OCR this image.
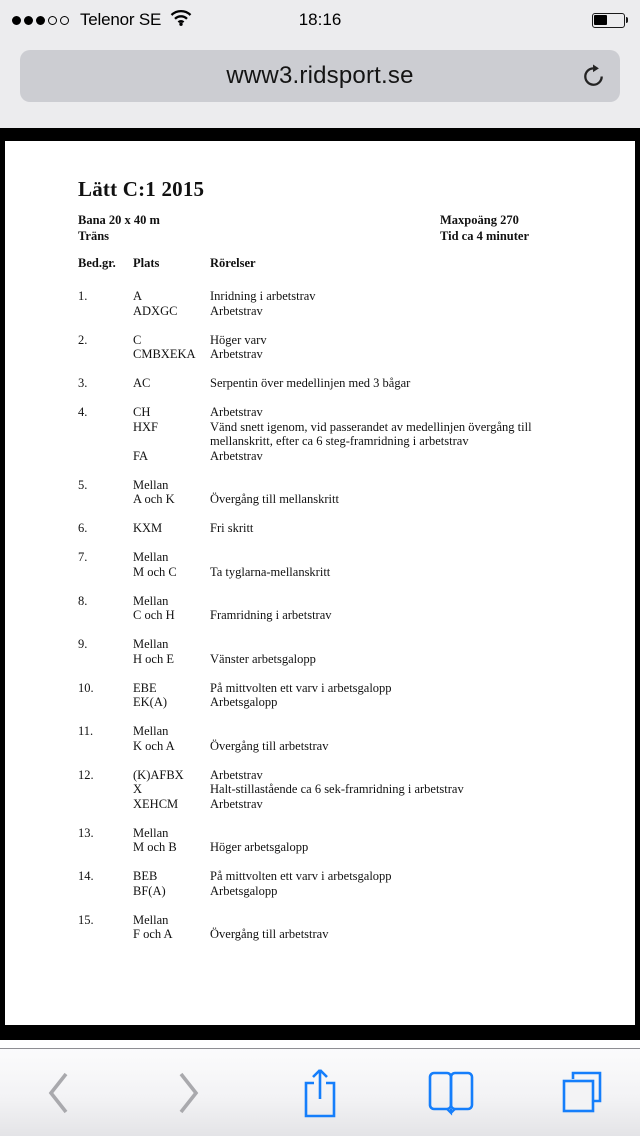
Telenor SE	18:16
www3.ridsport.se
Lätt C:1 2015
Bana 20 x 40 m
Träns
Maxpoäng 270
Tid ca 4 minuter
Bed.gr.	Plats	Rörelser
1.	A	Inridning i arbetstrav
ADXGC	Arbetstrav
2.	C	Höger varv
CMBXEKA	Arbetstrav
3.	AC	Serpentin över medellinjen med 3 bågar
4.	CH	Arbetstrav
HXF	Vänd snett igenom, vid passerandet av medellinjen övergång till mellanskritt, efter ca 6 steg-framridning i arbetstrav
FA	Arbetstrav
5.	Mellan
A och K	Övergång till mellanskritt
6.	KXM	Fri skritt
7.	Mellan
M och C	Ta tyglarna-mellanskritt
8.	Mellan
C och H	Framridning i arbetstrav
9.	Mellan
H och E	Vänster arbetsgalopp
10.	EBE	På mittvolten ett varv i arbetsgalopp
EK(A)	Arbetsgalopp
11.	Mellan
K och A	Övergång till arbetstrav
12.	(K)AFBX	Arbetstrav
X	Halt-stillastående ca 6 sek-framridning i arbetstrav
XEHCM	Arbetstrav
13.	Mellan
M och B	Höger arbetsgalopp
14.	BEB	På mittvolten ett varv i arbetsgalopp
BF(A)	Arbetsgalopp
15.	Mellan
F och A	Övergång till arbetstrav
